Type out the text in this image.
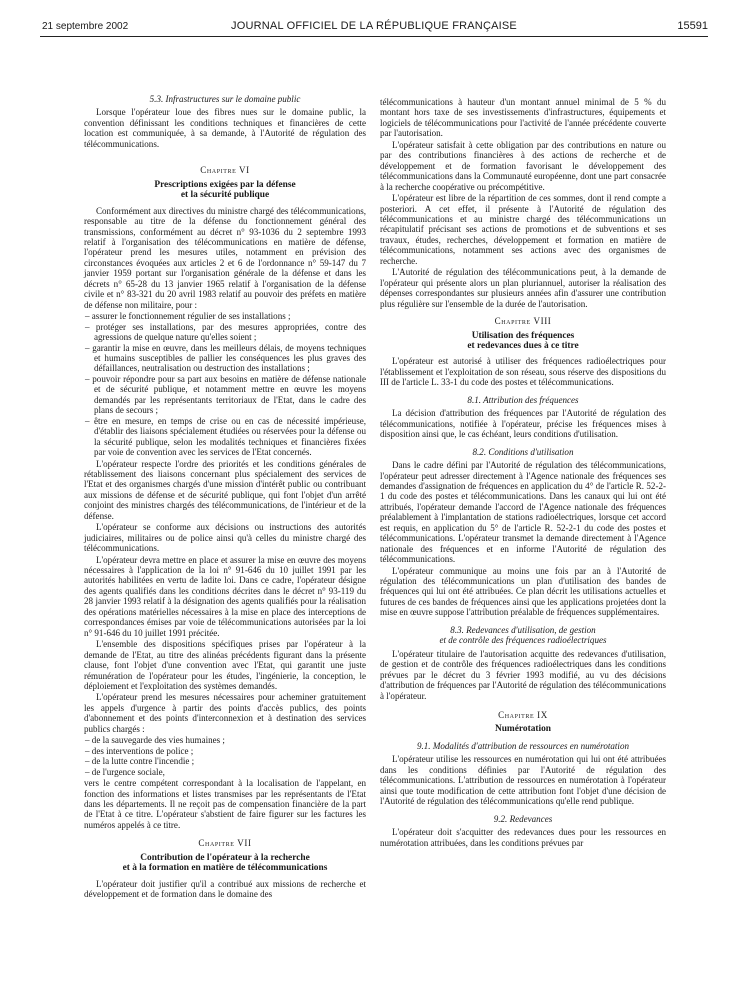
21 septembre 2002	JOURNAL OFFICIEL DE LA RÉPUBLIQUE FRANÇAISE	15591
5.3. Infrastructures sur le domaine public

Lorsque l'opérateur loue des fibres nues sur le domaine public, la convention définissant les conditions techniques et financières de cette location est communiquée, à sa demande, à l'Autorité de régulation des télécommunications.

Chapitre VI
Prescriptions exigées par la défense
et la sécurité publique

Conformément aux directives du ministre chargé des télécommunications, responsable au titre de la défense du fonctionnement général des transmissions, conformément au décret n° 93-1036 du 2 septembre 1993 relatif à l'organisation des télécommunications en matière de défense, l'opérateur prend les mesures utiles, notamment en prévision des circonstances évoquées aux articles 2 et 6 de l'ordonnance n° 59-147 du 7 janvier 1959 portant sur l'organisation générale de la défense et dans les décrets n° 65-28 du 13 janvier 1965 relatif à l'organisation de la défense civile et n° 83-321 du 20 avril 1983 relatif au pouvoir des préfets en matière de défense non militaire, pour :

– assurer le fonctionnement régulier de ses installations ;
– protéger ses installations, par des mesures appropriées, contre des agressions de quelque nature qu'elles soient ;
– garantir la mise en œuvre, dans les meilleurs délais, de moyens techniques et humains susceptibles de pallier les conséquences les plus graves des défaillances, neutralisation ou destruction des installations ;
– pouvoir répondre pour sa part aux besoins en matière de défense nationale et de sécurité publique, et notamment mettre en œuvre les moyens demandés par les représentants territoriaux de l'Etat, dans le cadre des plans de secours ;
– être en mesure, en temps de crise ou en cas de nécessité impérieuse, d'établir des liaisons spécialement étudiées ou réservées pour la défense ou la sécurité publique, selon les modalités techniques et financières fixées par voie de convention avec les services de l'Etat concernés.

L'opérateur respecte l'ordre des priorités et les conditions générales de rétablissement des liaisons concernant plus spécialement des services de l'Etat et des organismes chargés d'une mission d'intérêt public ou contribuant aux missions de défense et de sécurité publique, qui font l'objet d'un arrêté conjoint des ministres chargés des télécommunications, de l'intérieur et de la défense.

L'opérateur se conforme aux décisions ou instructions des autorités judiciaires, militaires ou de police ainsi qu'à celles du ministre chargé des télécommunications.

L'opérateur devra mettre en place et assurer la mise en œuvre des moyens nécessaires à l'application de la loi n° 91-646 du 10 juillet 1991 par les autorités habilitées en vertu de ladite loi. Dans ce cadre, l'opérateur désigne des agents qualifiés dans les conditions décrites dans le décret n° 93-119 du 28 janvier 1993 relatif à la désignation des agents qualifiés pour la réalisation des opérations matérielles nécessaires à la mise en place des interceptions de correspondances émises par voie de télécommunications autorisées par la loi n° 91-646 du 10 juillet 1991 précitée.

L'ensemble des dispositions spécifiques prises par l'opérateur à la demande de l'Etat, au titre des alinéas précédents figurant dans la présente clause, font l'objet d'une convention avec l'Etat, qui garantit une juste rémunération de l'opérateur pour les études, l'ingénierie, la conception, le déploiement et l'exploitation des systèmes demandés.

L'opérateur prend les mesures nécessaires pour acheminer gratuitement les appels d'urgence à partir des points d'accès publics, des points d'abonnement et des points d'interconnexion et à destination des services publics chargés :

– de la sauvegarde des vies humaines ;
– des interventions de police ;
– de la lutte contre l'incendie ;
– de l'urgence sociale,

vers le centre compétent correspondant à la localisation de l'appelant, en fonction des informations et listes transmises par les représentants de l'Etat dans les départements. Il ne reçoit pas de compensation financière de la part de l'Etat à ce titre. L'opérateur s'abstient de faire figurer sur les factures les numéros appelés à ce titre.

Chapitre VII
Contribution de l'opérateur à la recherche
et à la formation en matière de télécommunications

L'opérateur doit justifier qu'il a contribué aux missions de recherche et développement et de formation dans le domaine des

télécommunications à hauteur d'un montant annuel minimal de 5 % du montant hors taxe de ses investissements d'infrastructures, équipements et logiciels de télécommunications pour l'activité de l'année précédente couverte par l'autorisation.

L'opérateur satisfait à cette obligation par des contributions en nature ou par des contributions financières à des actions de recherche et de développement et de formation favorisant le développement des télécommunications dans la Communauté européenne, dont une part consacrée à la recherche coopérative ou précompétitive.

L'opérateur est libre de la répartition de ces sommes, dont il rend compte a posteriori. A cet effet, il présente à l'Autorité de régulation des télécommunications et au ministre chargé des télécommunications un récapitulatif précisant ses actions de promotions et de subventions et ses travaux, études, recherches, développement et formation en matière de télécommunications, notamment ses actions avec des organismes de recherche.

L'Autorité de régulation des télécommunications peut, à la demande de l'opérateur qui présente alors un plan pluriannuel, autoriser la réalisation des dépenses correspondantes sur plusieurs années afin d'assurer une contribution plus régulière sur l'ensemble de la durée de l'autorisation.

Chapitre VIII
Utilisation des fréquences
et redevances dues à ce titre

L'opérateur est autorisé à utiliser des fréquences radioélectriques pour l'établissement et l'exploitation de son réseau, sous réserve des dispositions du III de l'article L. 33-1 du code des postes et télécommunications.

8.1. Attribution des fréquences

La décision d'attribution des fréquences par l'Autorité de régulation des télécommunications, notifiée à l'opérateur, précise les fréquences mises à disposition ainsi que, le cas échéant, leurs conditions d'utilisation.

8.2. Conditions d'utilisation

Dans le cadre défini par l'Autorité de régulation des télécommunications, l'opérateur peut adresser directement à l'Agence nationale des fréquences ses demandes d'assignation de fréquences en application du 4° de l'article R. 52-2-1 du code des postes et télécommunications. Dans les canaux qui lui ont été attribués, l'opérateur demande l'accord de l'Agence nationale des fréquences préalablement à l'implantation de stations radioélectriques, lorsque cet accord est requis, en application du 5° de l'article R. 52-2-1 du code des postes et télécommunications. L'opérateur transmet la demande directement à l'Agence nationale des fréquences et en informe l'Autorité de régulation des télécommunications.

L'opérateur communique au moins une fois par an à l'Autorité de régulation des télécommunications un plan d'utilisation des bandes de fréquences qui lui ont été attribuées. Ce plan décrit les utilisations actuelles et futures de ces bandes de fréquences ainsi que les applications projetées dont la mise en œuvre suppose l'attribution préalable de fréquences supplémentaires.

8.3. Redevances d'utilisation, de gestion
et de contrôle des fréquences radioélectriques

L'opérateur titulaire de l'autorisation acquitte des redevances d'utilisation, de gestion et de contrôle des fréquences radioélectriques dans les conditions prévues par le décret du 3 février 1993 modifié, au vu des décisions d'attribution de fréquences par l'Autorité de régulation des télécommunications à l'opérateur.

Chapitre IX
Numérotation
9.1. Modalités d'attribution de ressources en numérotation

L'opérateur utilise les ressources en numérotation qui lui ont été attribuées dans les conditions définies par l'Autorité de régulation des télécommunications. L'attribution de ressources en numérotation à l'opérateur ainsi que toute modification de cette attribution font l'objet d'une décision de l'Autorité de régulation des télécommunications qu'elle rend publique.

9.2. Redevances

L'opérateur doit s'acquitter des redevances dues pour les ressources en numérotation attribuées, dans les conditions prévues par
